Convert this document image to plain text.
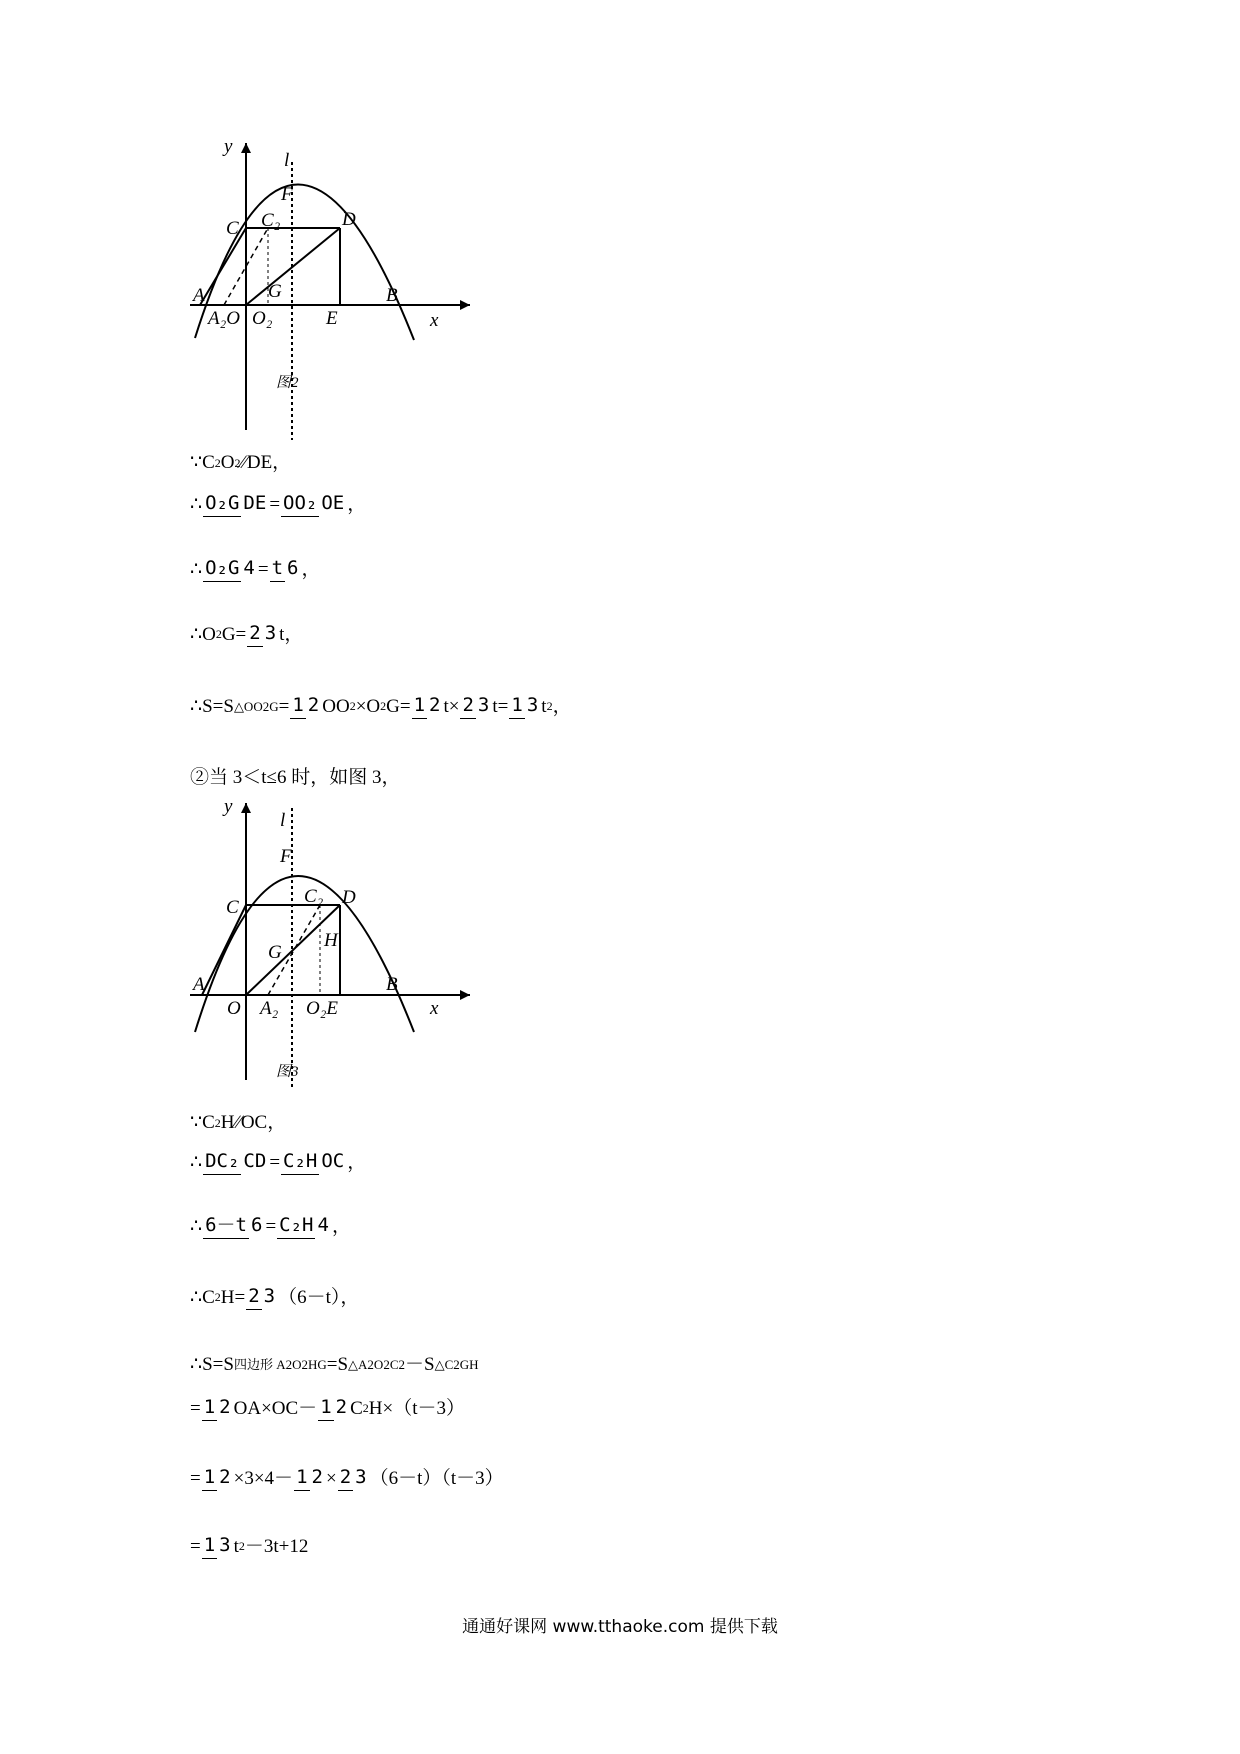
y
l
F
C C₂	D
G
A	B
A₂O O₂	E	x
图2
∵C 2 O 2 ∕∕DE，
∴ O₂G DE = OO₂ OE ，
∴ O₂G 4 = t 6 ，
∴O 2 G= 2 3 t，
∴S=S △OO2G = 1 2 OO 2 ×O 2 G= 1 2 t× 2 3 t= 1 3 t 2 ，
②当 3＜t≤6 时，如图 3，
y
l
F
C
C₂ D
G
H
A	B
O A₂ O₂E	x
图3
∵C 2 H∕∕OC，
∴ DC₂ CD = C₂H OC ，
∴ 6－t 6 = C₂H 4 ，
∴C 2 H= 2 3 （6－t），
∴S=S 四边形 A2O2HG =S △A2O2C2 －S △C2GH
= 1 2 OA×OC－ 1 2 C 2 H×（t－3）
= 1 2 ×3×4－ 1 2 × 2 3 （6－t）（t－3）
= 1 3 t 2 －3t+12
通通好课网 www.tthaoke.com 提供下载
